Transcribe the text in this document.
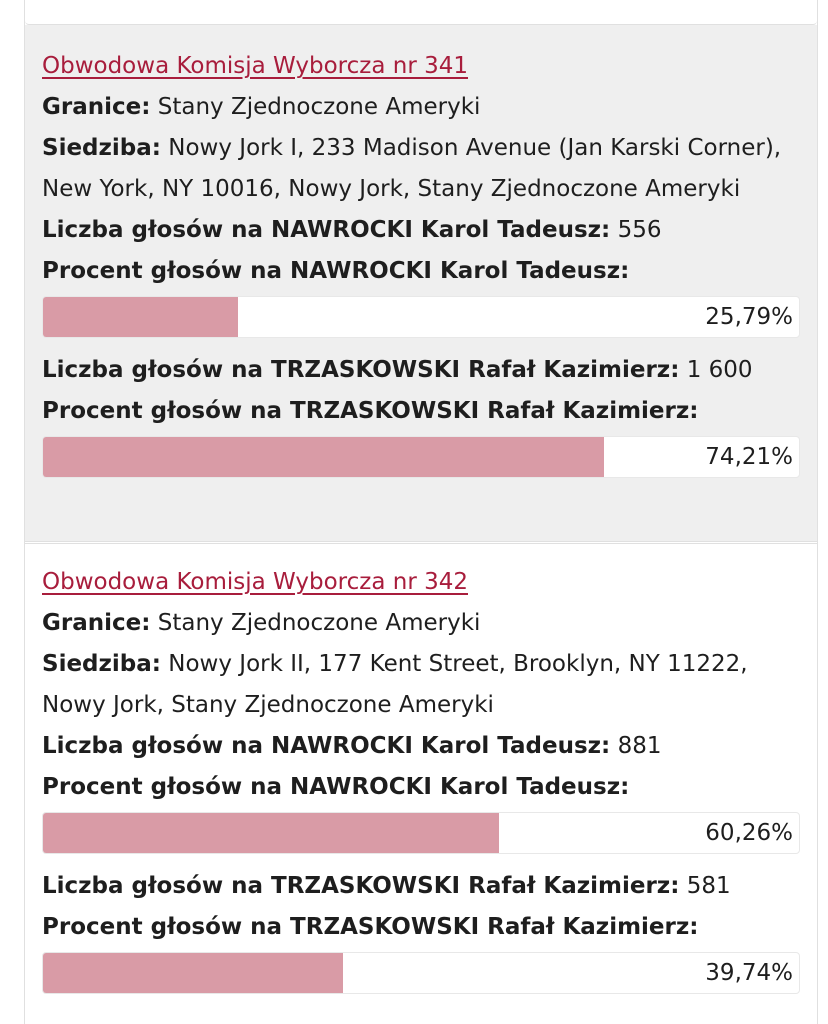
Obwodowa Komisja Wyborcza nr 341

Granice: Stany Zjednoczone Ameryki

Siedziba: Nowy Jork I, 233 Madison Avenue (Jan Karski Corner), New York, NY 10016, Nowy Jork, Stany Zjednoczone Ameryki

Liczba głosów na NAWROCKI Karol Tadeusz: 556

Procent głosów na NAWROCKI Karol Tadeusz:

25,79%

Liczba głosów na TRZASKOWSKI Rafał Kazimierz: 1 600

Procent głosów na TRZASKOWSKI Rafał Kazimierz:

74,21%
Obwodowa Komisja Wyborcza nr 342

Granice: Stany Zjednoczone Ameryki

Siedziba: Nowy Jork II, 177 Kent Street, Brooklyn, NY 11222, Nowy Jork, Stany Zjednoczone Ameryki

Liczba głosów na NAWROCKI Karol Tadeusz: 881

Procent głosów na NAWROCKI Karol Tadeusz:

60,26%

Liczba głosów na TRZASKOWSKI Rafał Kazimierz: 581

Procent głosów na TRZASKOWSKI Rafał Kazimierz:

39,74%
